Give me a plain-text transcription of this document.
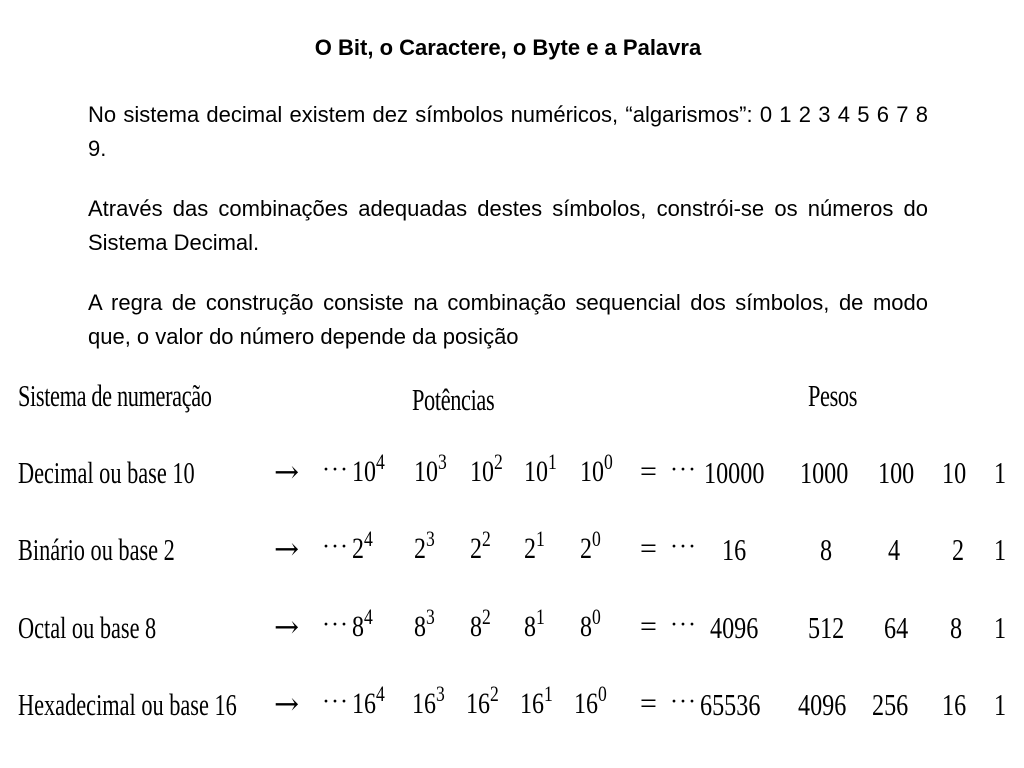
O Bit, o Caractere, o Byte e a Palavra

No sistema decimal existem dez símbolos numéricos, “algarismos”: 0 1 2 3 4 5 6 7 8 9.

Através das combinações adequadas destes símbolos, constrói-se os números do Sistema Decimal.

A regra de construção consiste na combinação sequencial dos símbolos, de modo que, o valor do número depende da posição

Sistema de numeração	Potências	Pesos
Decimal ou base 10	→ ··· $10^4$ $10^3$ $10^2$ $10^1$ $10^0$ = ··· 10000 1000 100 10 1
Binário ou base 2	→ ··· $2^4$ $2^3$ $2^2$ $2^1$ $2^0$ = ··· 16 8 4 2 1
Octal ou base 8	→ ··· $8^4$ $8^3$ $8^2$ $8^1$ $8^0$ = ··· 4096 512 64 8 1
Hexadecimal ou base 16 → ··· $16^4$ $16^3$ $16^2$ $16^1$ $16^0$ = ··· 65536 4096 256 16 1
